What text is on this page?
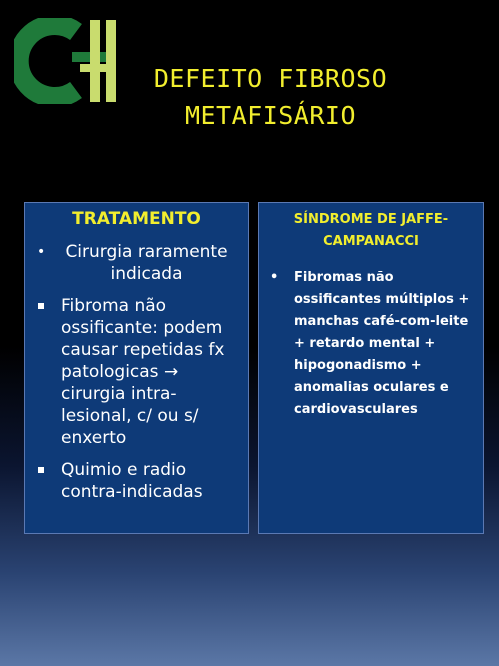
DEFEITO FIBROSO
METAFISÁRIO
TRATAMENTO
• Cirurgia raramente indicada
Fibroma não ossificante: podem causar repetidas fx patologicas → cirurgia intra-lesional, c/ ou s/ enxerto
Quimio e radio contra-indicadas
SÍNDROME DE JAFFE-CAMPANACCI
• Fibromas não ossificantes múltiplos + manchas café-com-leite + retardo mental + hipogonadismo + anomalias oculares e cardiovasculares
